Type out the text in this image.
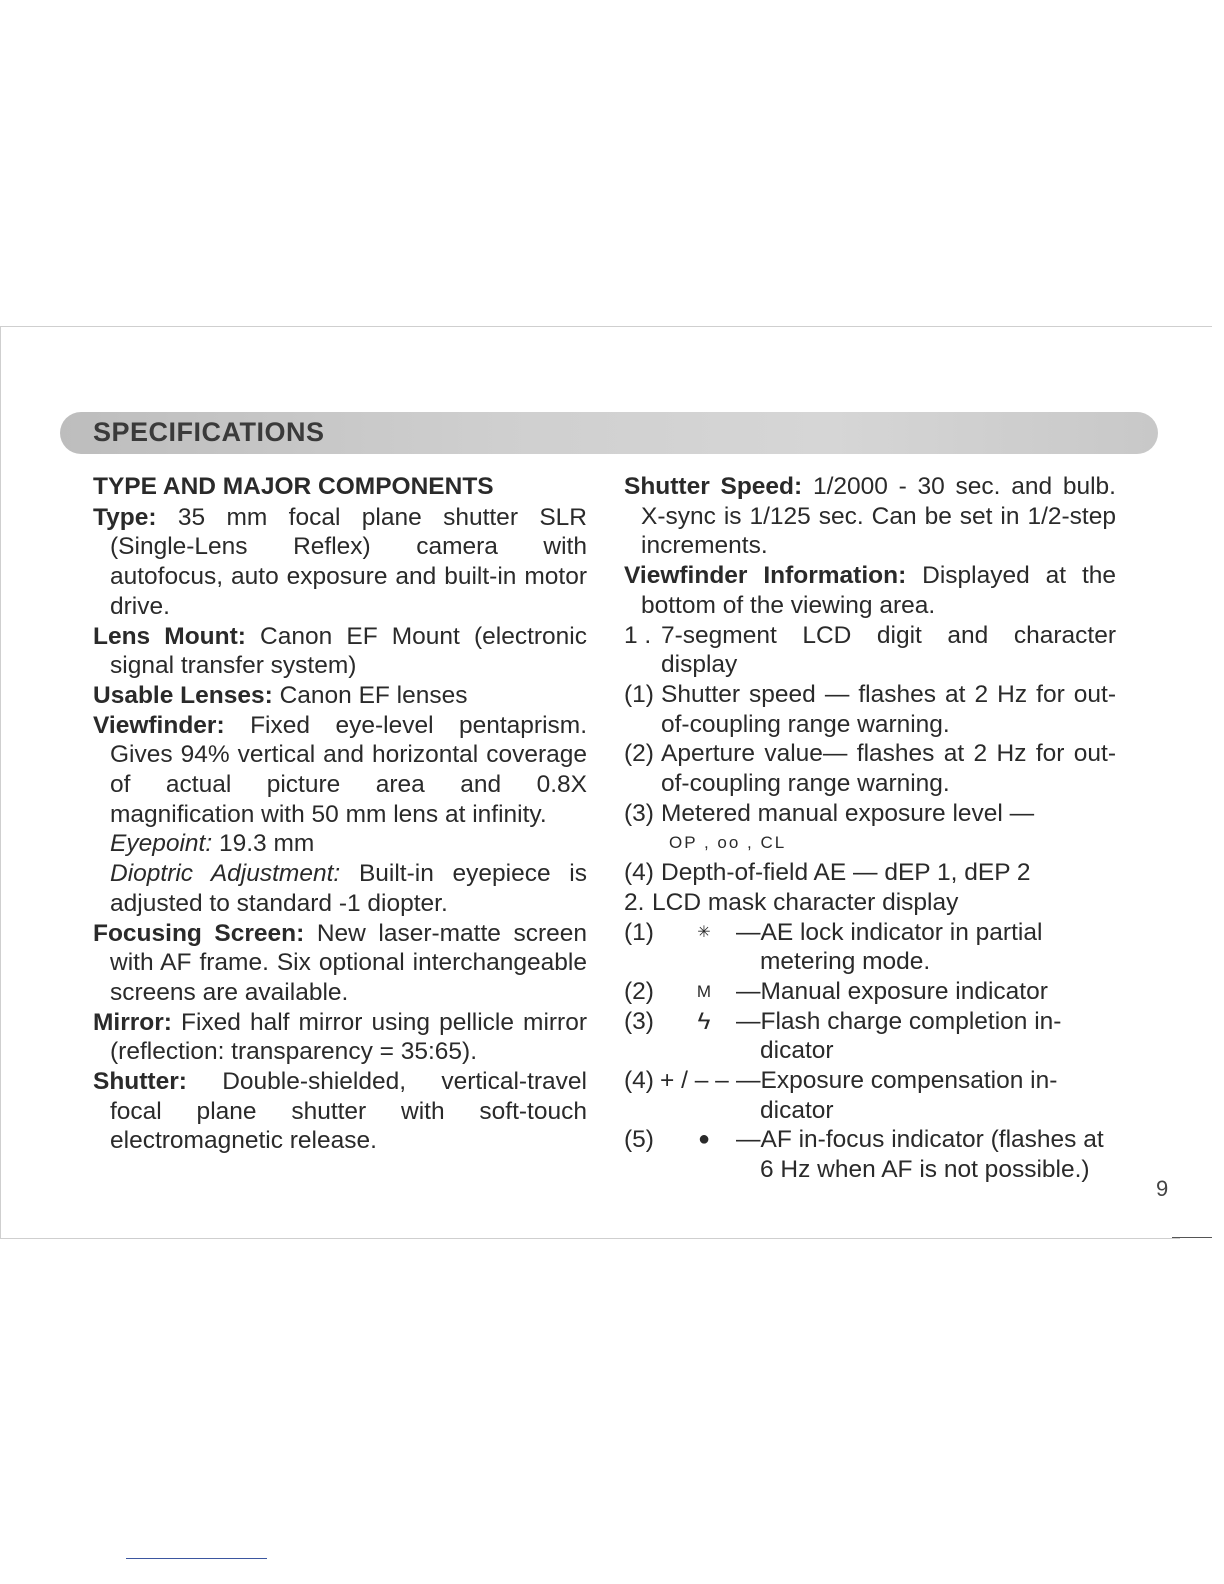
SPECIFICATIONS

TYPE AND MAJOR COMPONENTS

Type: 35 mm focal plane shutter SLR (Single-Lens Reflex) camera with autofocus, auto exposure and built-in motor drive.

Lens Mount: Canon EF Mount (electronic signal transfer system)

Usable Lenses: Canon EF lenses

Viewfinder: Fixed eye-level pentaprism. Gives 94% vertical and horizontal coverage of actual picture area and 0.8X magnification with 50 mm lens at infinity.

Eyepoint: 19.3 mm

Dioptric Adjustment: Built-in eyepiece is adjusted to standard -1 diopter.

Focusing Screen: New laser-matte screen with AF frame. Six optional interchangeable screens are available.

Mirror: Fixed half mirror using pellicle mirror (reflection: transparency = 35:65).

Shutter: Double-shielded, vertical-travel focal plane shutter with soft-touch electromagnetic release.

Shutter Speed: 1/2000 - 30 sec. and bulb. X-sync is 1/125 sec. Can be set in 1/2-step increments.

Viewfinder Information: Displayed at the bottom of the viewing area.

1 . 7-segment LCD digit and character display
(1) Shutter speed — flashes at 2 Hz for out-of-coupling range warning.
(2) Aperture value— flashes at 2 Hz for out-of-coupling range warning.
(3) Metered manual exposure level —

OP , oo , CL

(4) Depth-of-field AE — dEP 1, dEP 2
2. LCD mask character display
(1)	✳	—AE lock indicator in partial
metering mode.
(2)	M	—Manual exposure indicator
(3)	ϟ	—Flash charge completion in-
dicator
(4) + / – – —Exposure compensation in-
dicator
(5)	●	—AF in-focus indicator (flashes at
6 Hz when AF is not possible.)
9
